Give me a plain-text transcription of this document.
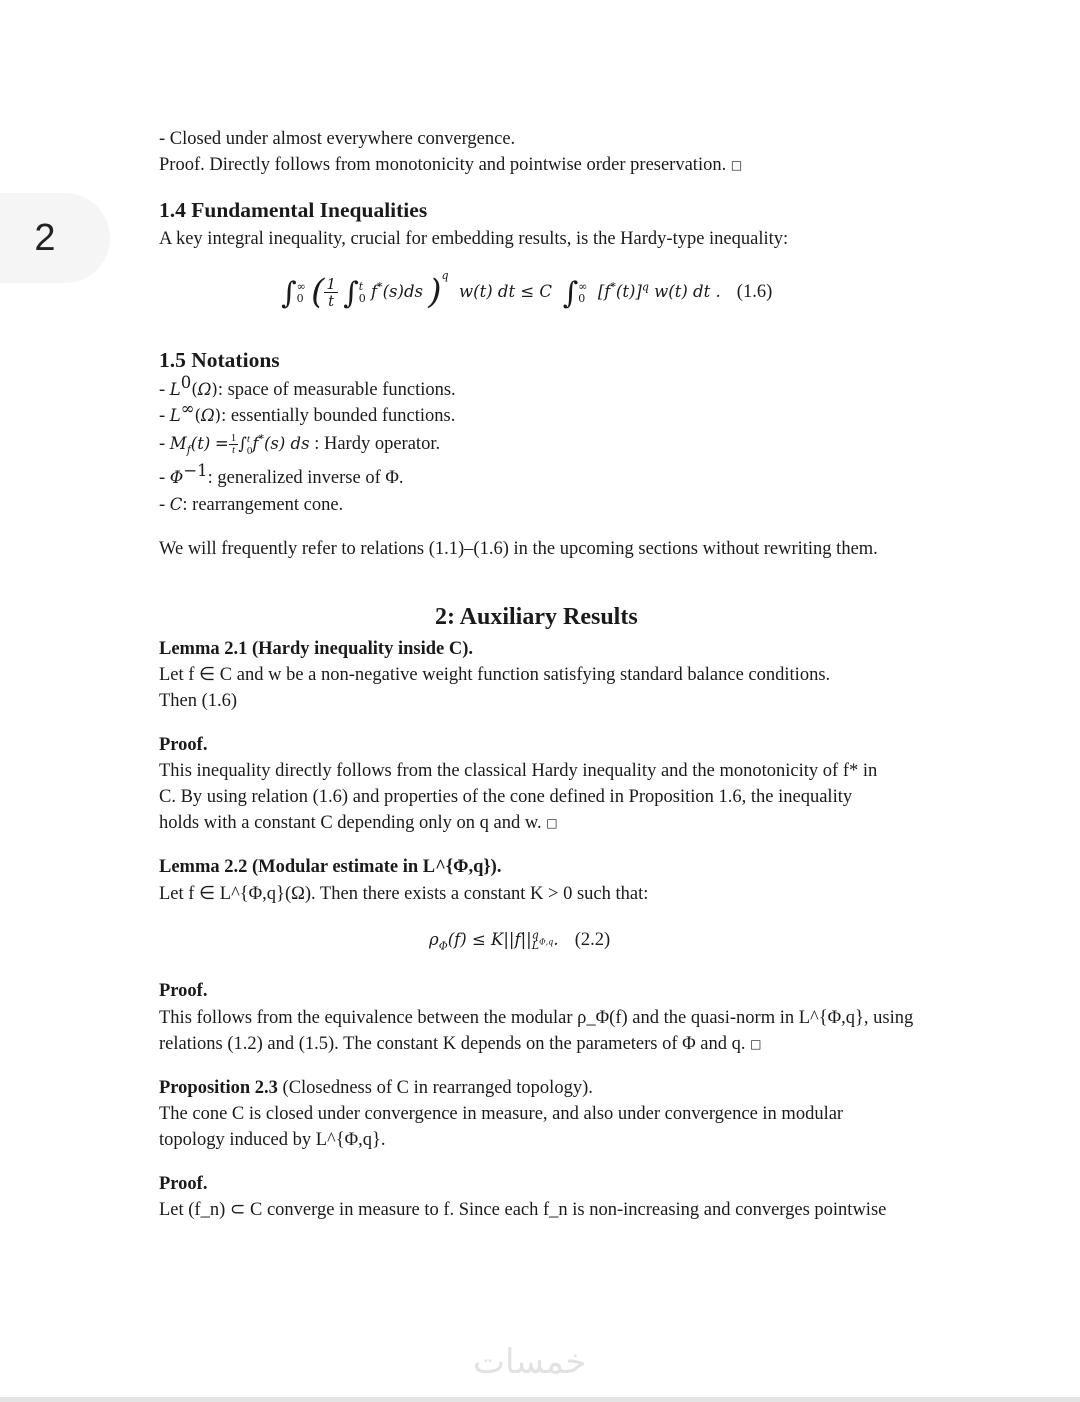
2
- Closed under almost everywhere convergence.
Proof. Directly follows from monotonicity and pointwise order preservation. □
1.4 Fundamental Inequalities
A key integral inequality, crucial for embedding results, is the Hardy-type inequality:
∫ ∞
0 ( $\frac{1}{t}$ ∫ t
0 f*(s)ds )$^q$  w(t) dt ≤ C  ∫ ∞
0 $[f^*(t)]^q$ w(t) dt .   (1.6)
1.5 Notations
- $L^0(\Omega)$: space of measurable functions.
- L∞(Ω): essentially bounded functions.
- $M_f(t) = \frac{1}{t}$ ∫ t
0 f*(s) ds : Hardy operator.
- $\Phi^{-1}$: generalized inverse of Φ.
- C: rearrangement cone.
We will frequently refer to relations (1.1)–(1.6) in the upcoming sections without rewriting them.
2: Auxiliary Results
Lemma 2.1 (Hardy inequality inside C).
Let f ∈ C and w be a non-negative weight function satisfying standard balance conditions.
Then (1.6)
Proof.
This inequality directly follows from the classical Hardy inequality and the monotonicity of f* in
C. By using relation (1.6) and properties of the cone defined in Proposition 1.6, the inequality
holds with a constant C depending only on q and w. □
Lemma 2.2 (Modular estimate in L^{Φ,q}).
Let f ∈ L^{Φ,q}(Ω). Then there exists a constant K > 0 such that:
$\rho_\Phi(f) \le K||f||^q_{L^{\Phi,q}}$. (2.2)
Proof.
This follows from the equivalence between the modular ρ_Φ(f) and the quasi-norm in L^{Φ,q}, using
relations (1.2) and (1.5). The constant K depends on the parameters of Φ and q. □
Proposition 2.3 (Closedness of C in rearranged topology).
The cone C is closed under convergence in measure, and also under convergence in modular
topology induced by L^{Φ,q}.
Proof.
Let (f_n) ⊂ C converge in measure to f. Since each f_n is non-increasing and converges pointwise
خمسات
